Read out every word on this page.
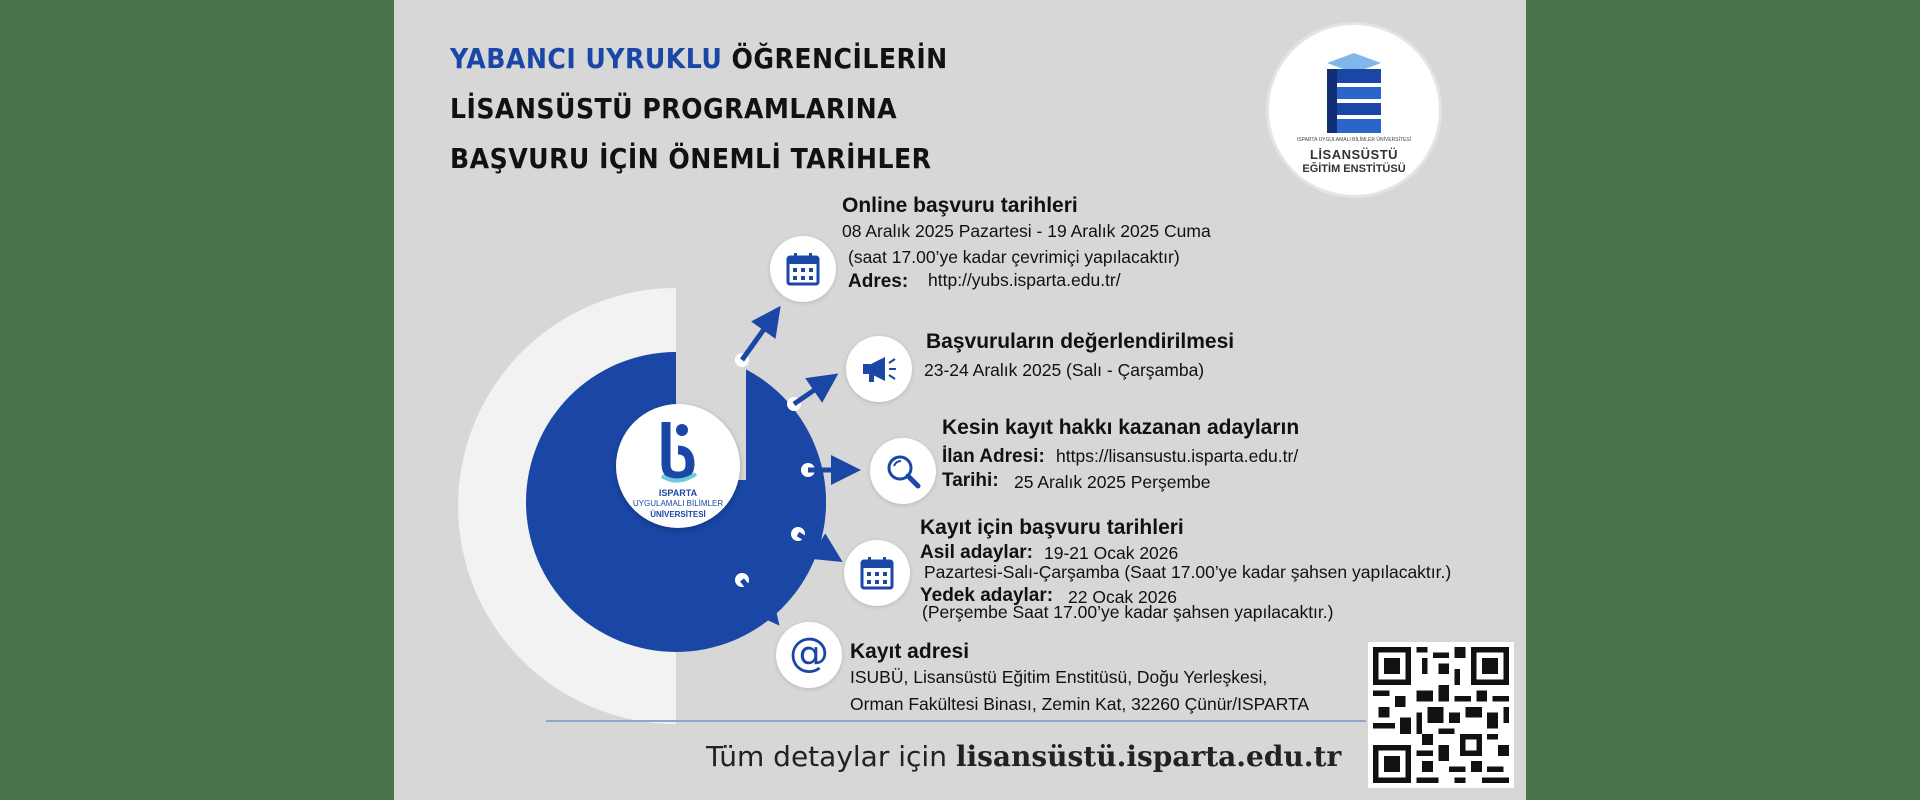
YABANCI UYRUKLU ÖĞRENCİLERİN
LİSANSÜSTÜ PROGRAMLARINA
BAŞVURU İÇİN ÖNEMLİ TARİHLER
ISPARTA UYGULAMALI BİLİMLER ÜNİVERSİTESİ
LİSANSÜSTÜ
EĞİTİM ENSTİTÜSÜ
ISPARTA
UYGULAMALI BİLİMLER
ÜNİVERSİTESİ
Online başvuru tarihleri
08 Aralık 2025 Pazartesi - 19 Aralık 2025 Cuma
(saat 17.00’ye kadar çevrimiçi yapılacaktır)
Adres: http://yubs.isparta.edu.tr/
Başvuruların değerlendirilmesi
23-24 Aralık 2025 (Salı - Çarşamba)
Kesin kayıt hakkı kazanan adayların
İlan Adresi: https://lisansustu.isparta.edu.tr/
Tarihi: 25 Aralık 2025 Perşembe
Kayıt için başvuru tarihleri
Asil adaylar: 19-21 Ocak 2026
Pazartesi-Salı-Çarşamba (Saat 17.00’ye kadar şahsen yapılacaktır.)
Yedek adaylar: 22 Ocak 2026
(Perşembe Saat 17.00’ye kadar şahsen yapılacaktır.)
@	Kayıt adresi
ISUBÜ, Lisansüstü Eğitim Enstitüsü, Doğu Yerleşkesi,
Orman Fakültesi Binası, Zemin Kat, 32260 Çünür/ISPARTA
Tüm detaylar için lisansüstü.isparta.edu.tr
